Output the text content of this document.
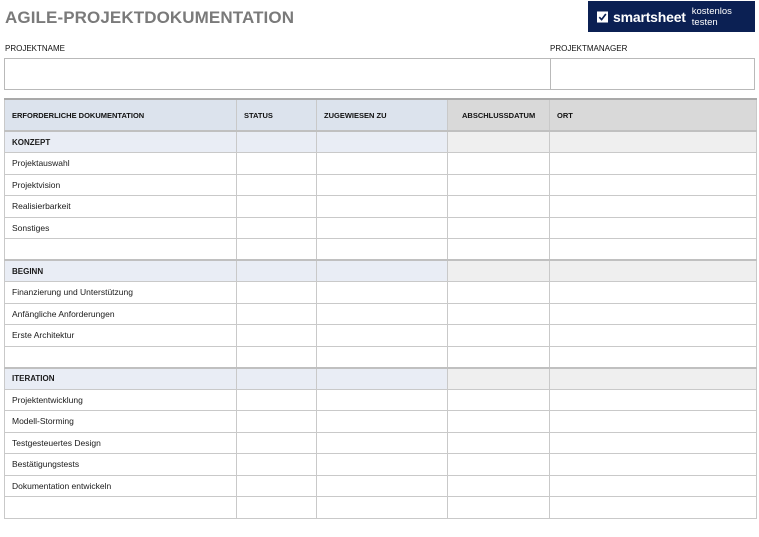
AGILE-PROJEKTDOKUMENTATION	smartsheet kostenlos testen
PROJEKTNAME	PROJEKTMANAGER
ERFORDERLICHE DOKUMENTATION	STATUS	ZUGEWIESEN ZU	ABSCHLUSSDATUM	ORT
KONZEPT				
Projektauswahl				
Projektvision				
Realisierbarkeit				
Sonstiges				

BEGINN				
Finanzierung und Unterstützung				
Anfängliche Anforderungen				
Erste Architektur				

ITERATION				
Projektentwicklung				
Modell-Storming				
Testgesteuertes Design				
Bestätigungstests				
Dokumentation entwickeln				
